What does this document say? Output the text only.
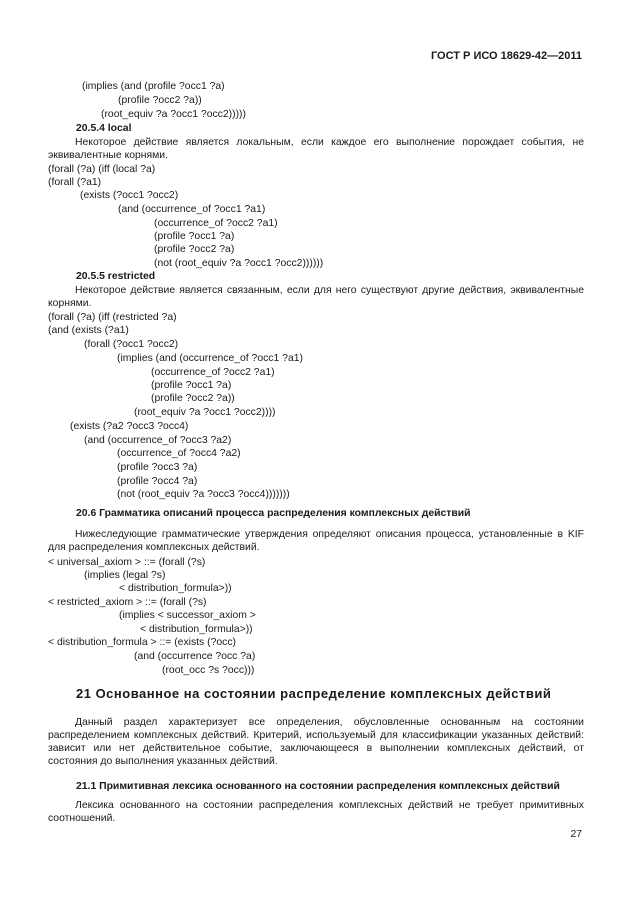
ГОСТ Р ИСО 18629-42—2011
(implies (and (profile ?occ1 ?a)
(profile ?occ2 ?a))
(root_equiv ?a ?occ1 ?occ2)))))
20.5.4 local
Некоторое действие является локальным, если каждое его выполнение порождает события, не эквивалентные корнями.
(forall (?a) (iff (local ?a)
(forall (?a1)
(exists (?occ1 ?occ2)
(and (occurrence_of ?occ1 ?a1)
(occurrence_of ?occ2 ?a1)
(profile ?occ1 ?a)
(profile ?occ2 ?a)
(not (root_equiv ?a ?occ1 ?occ2))))))
20.5.5 restricted
Некоторое действие является связанным, если для него существуют другие действия, эквивалентные корнями.
(forall (?a) (iff (restricted ?a)
(and (exists (?a1)
(forall (?occ1 ?occ2)
(implies (and (occurrence_of ?occ1 ?a1)
(occurrence_of ?occ2 ?a1)
(profile ?occ1 ?a)
(profile ?occ2 ?a))
(root_equiv ?a ?occ1 ?occ2))))
(exists (?a2 ?occ3 ?occ4)
(and (occurrence_of ?occ3 ?a2)
(occurrence_of ?occ4 ?a2)
(profile ?occ3 ?a)
(profile ?occ4 ?a)
(not (root_equiv ?a ?occ3 ?occ4)))))))
20.6 Грамматика описаний процесса распределения комплексных действий
Нижеследующие грамматические утверждения определяют описания процесса, установленные в KIF для распределения комплексных действий.
< universal_axiom > ::= (forall (?s)
(implies (legal ?s)
< distribution_formula>))
< restricted_axiom > ::= (forall (?s)
(implies < successor_axiom >
< distribution_formula>))
< distribution_formula > ::= (exists (?occ)
(and (occurrence ?occ ?a)
(root_occ ?s ?occ)))
21 Основанное на состоянии распределение комплексных действий
Данный раздел характеризует все определения, обусловленные основанным на состоянии распределением комплексных действий. Критерий, используемый для классификации указанных действий: зависит или нет действительное событие, заключающееся в выполнении комплексных действий, от состояния до выполнения указанных действий.
21.1 Примитивная лексика основанного на состоянии распределения комплексных действий
Лексика основанного на состоянии распределения комплексных действий не требует примитивных соотношений.
27
